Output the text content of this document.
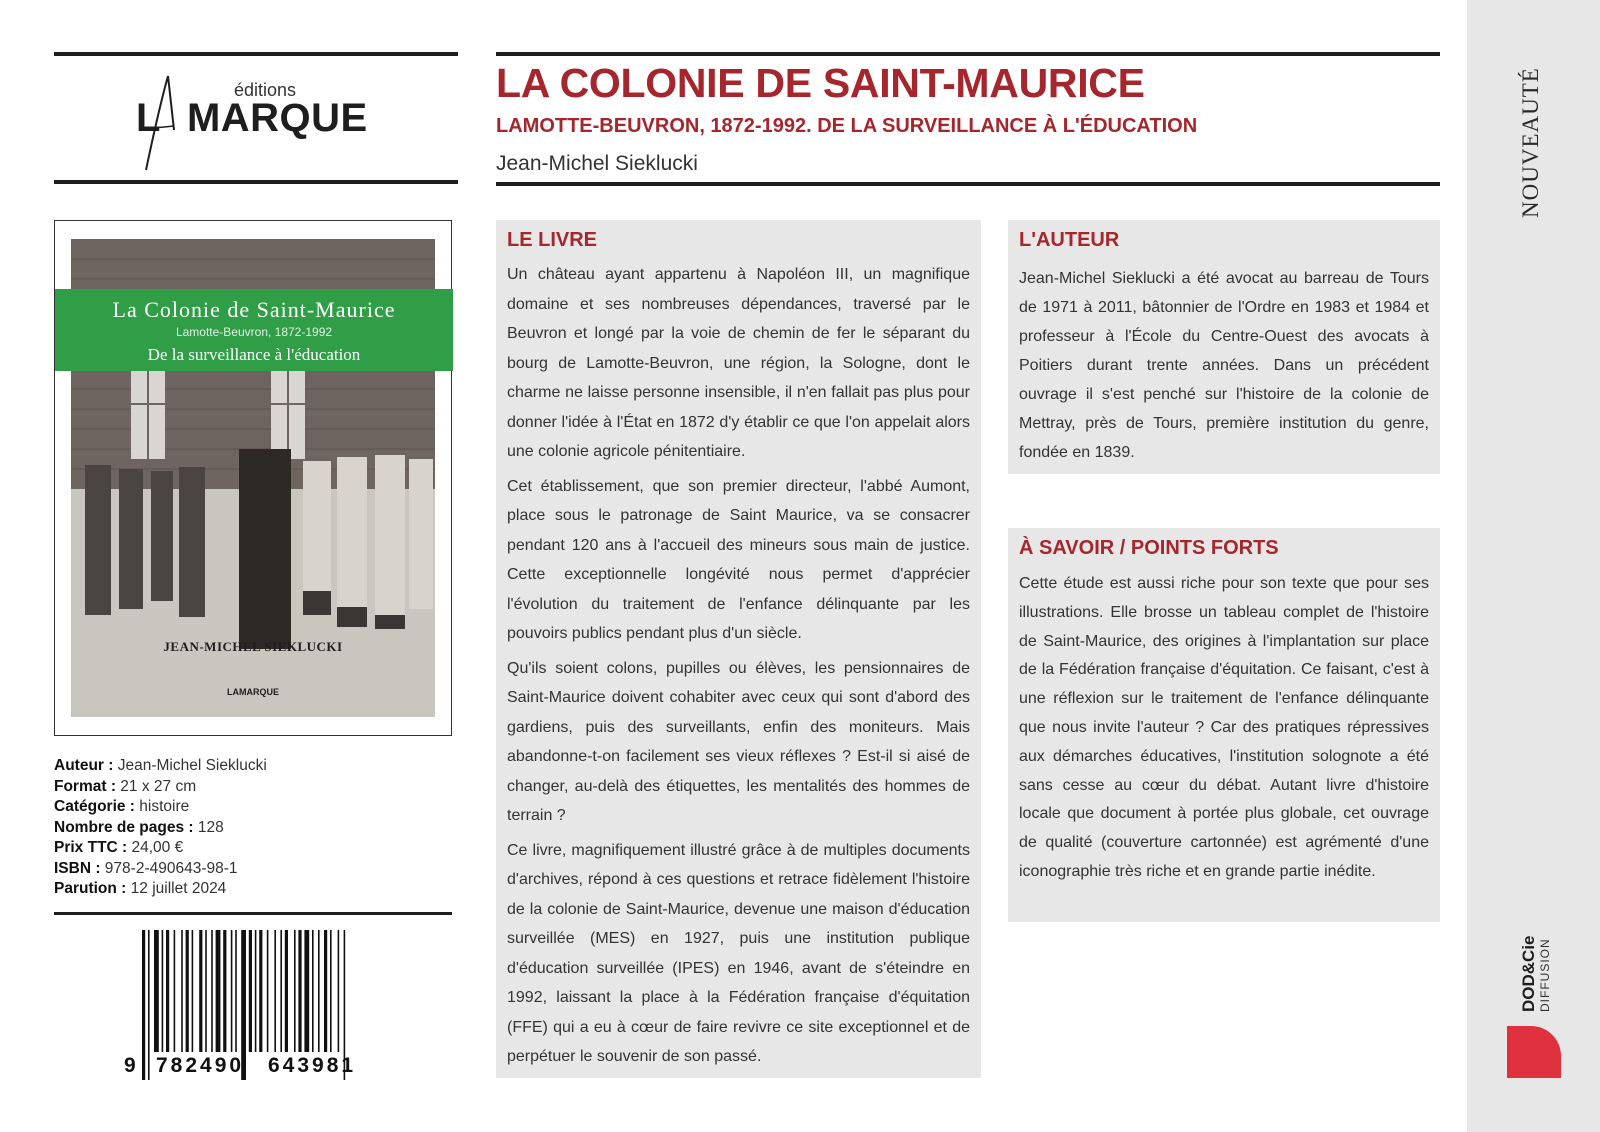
éditions
L MARQUE
JEAN-MICHEL SIEKLUCKI
LAMARQUE
La Colonie de Saint-Maurice
Lamotte-Beuvron, 1872-1992
De la surveillance à l'éducation
Auteur : Jean-Michel Sieklucki
Format : 21 x 27 cm
Catégorie : histoire
Nombre de pages : 128
Prix TTC : 24,00 €
ISBN : 978-2-490643-98-1
Parution : 12 juillet 2024
9 782490 643981
LA COLONIE DE SAINT-MAURICE
LAMOTTE-BEUVRON, 1872-1992. DE LA SURVEILLANCE À L'ÉDUCATION
Jean-Michel Sieklucki
LE LIVRE

Un château ayant appartenu à Napoléon III, un magnifique domaine et ses nombreuses dépendances, traversé par le Beuvron et longé par la voie de chemin de fer le séparant du bourg de Lamotte-Beuvron, une région, la Sologne, dont le charme ne laisse personne insensible, il n'en fallait pas plus pour donner l'idée à l'État en 1872 d'y établir ce que l'on appelait alors une colonie agricole pénitentiaire.

Cet établissement, que son premier directeur, l'abbé Aumont, place sous le patronage de Saint Maurice, va se consacrer pendant 120 ans à l'accueil des mineurs sous main de justice. Cette exceptionnelle longévité nous permet d'apprécier l'évolution du traitement de l'enfance délinquante par les pouvoirs publics pendant plus d'un siècle.

Qu'ils soient colons, pupilles ou élèves, les pensionnaires de Saint-Maurice doivent cohabiter avec ceux qui sont d'abord des gardiens, puis des surveillants, enfin des moniteurs. Mais abandonne-t-on facilement ses vieux réflexes ? Est-il si aisé de changer, au-delà des étiquettes, les mentalités des hommes de terrain ?

Ce livre, magnifiquement illustré grâce à de multiples documents d'archives, répond à ces questions et retrace fidèlement l'histoire de la colonie de Saint-Maurice, devenue une maison d'éducation surveillée (MES) en 1927, puis une institution publique d'éducation surveillée (IPES) en 1946, avant de s'éteindre en 1992, laissant la place à la Fédération française d'équitation (FFE) qui a eu à cœur de faire revivre ce site exceptionnel et de perpétuer le souvenir de son passé.

L'AUTEUR

Jean-Michel Sieklucki a été avocat au barreau de Tours de 1971 à 2011, bâtonnier de l'Ordre en 1983 et 1984 et professeur à l'École du Centre-Ouest des avocats à Poitiers durant trente années. Dans un précédent ouvrage il s'est penché sur l'histoire de la colonie de Mettray, près de Tours, première institution du genre, fondée en 1839.

À SAVOIR / POINTS FORTS

Cette étude est aussi riche pour son texte que pour ses illustrations. Elle brosse un tableau complet de l'histoire de Saint-Maurice, des origines à l'implantation sur place de la Fédération française d'équitation. Ce faisant, c'est à une réflexion sur le traitement de l'enfance délinquante que nous invite l'auteur ? Car des pratiques répressives aux démarches éducatives, l'institution solognote a été sans cesse au cœur du débat. Autant livre d'histoire locale que document à portée plus globale, cet ouvrage de qualité (couverture cartonnée) est agrémenté d'une iconographie très riche et en grande partie inédite.

NOUVEAUTÉ
DOD&Cie DIFFUSION
